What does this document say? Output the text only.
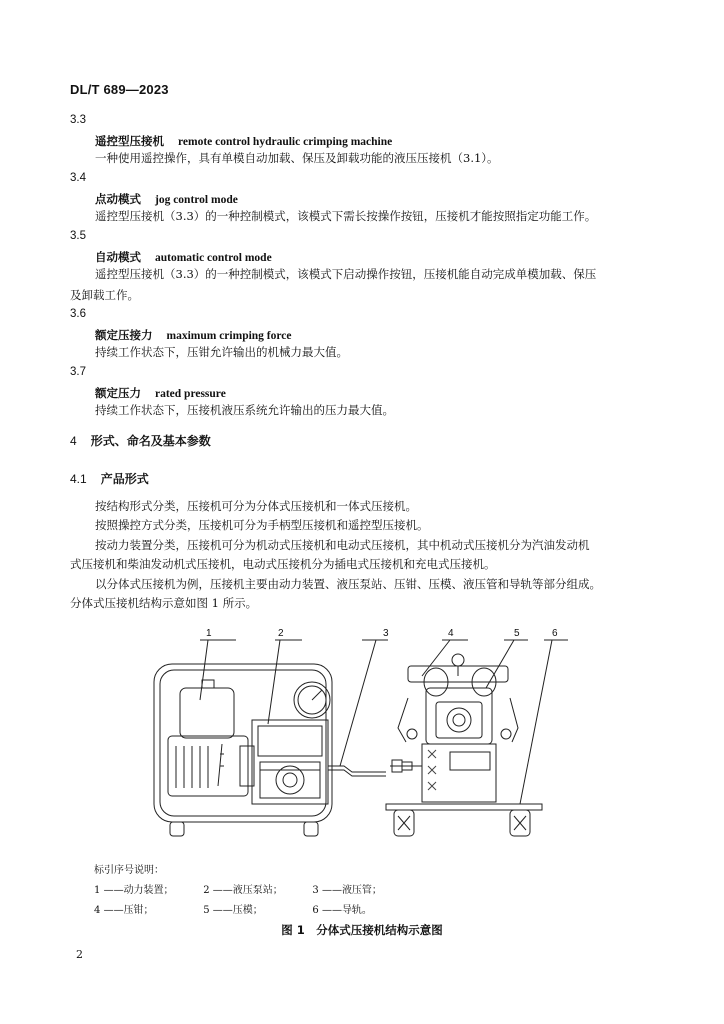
DL/T 689—2023
3.3
遥控型压接机 remote control hydraulic crimping machine
一种使用遥控操作，具有单模自动加载、保压及卸载功能的液压压接机（3.1）。
3.4
点动模式 jog control mode
遥控型压接机（3.3）的一种控制模式，该模式下需长按操作按钮，压接机才能按照指定功能工作。
3.5
自动模式 automatic control mode
遥控型压接机（3.3）的一种控制模式，该模式下启动操作按钮，压接机能自动完成单模加载、保压
及卸载工作。
3.6
额定压接力 maximum crimping force
持续工作状态下，压钳允许输出的机械力最大值。
3.7
额定压力 rated pressure
持续工作状态下，压接机液压系统允许输出的压力最大值。
4 形式、命名及基本参数
4.1 产品形式
按结构形式分类，压接机可分为分体式压接机和一体式压接机。
按照操控方式分类，压接机可分为手柄型压接机和遥控型压接机。
按动力装置分类，压接机可分为机动式压接机和电动式压接机，其中机动式压接机分为汽油发动机
式压接机和柴油发动机式压接机，电动式压接机分为插电式压接机和充电式压接机。
以分体式压接机为例，压接机主要由动力装置、液压泵站、压钳、压模、液压管和导轨等部分组成。
分体式压接机结构示意如图 1 所示。
1	2	3	4	5	6
标引序号说明：
1 ——动力装置；	2 ——液压泵站；	3 ——液压管；
4 ——压钳；	5 ——压模；	6 ——导轨。
图 1　分体式压接机结构示意图
2
